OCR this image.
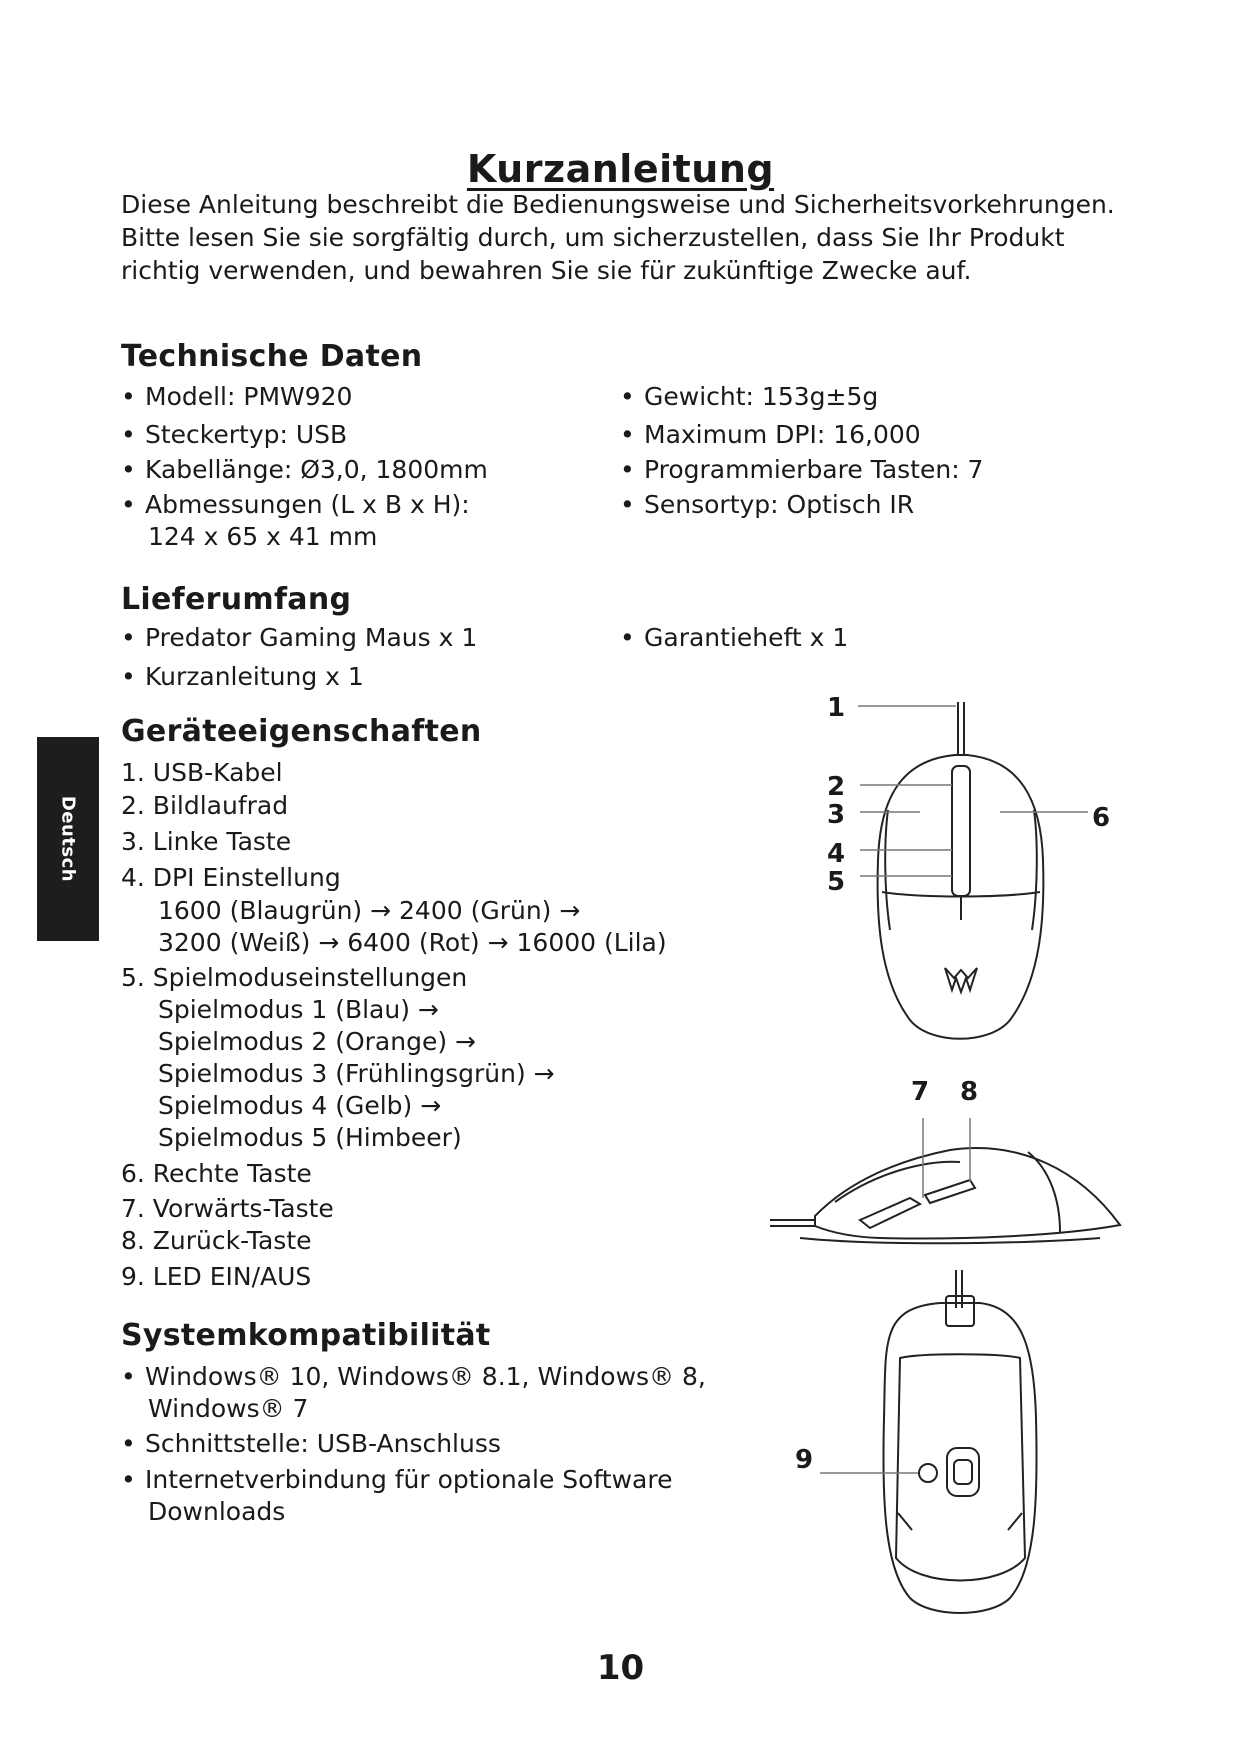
Kurzanleitung

Diese Anleitung beschreibt die Bedienungsweise und Sicherheitsvorkehrungen. Bitte lesen Sie sie sorgfältig durch, um sicherzustellen, dass Sie Ihr Produkt richtig verwenden, und bewahren Sie sie für zukünftige Zwecke auf.

Deutsch
Technische Daten
• Modell: PMW920
• Steckertyp: USB
• Kabellänge: Ø3,0, 1800mm
• Abmessungen (L x B x H):
124 x 65 x 41 mm
• Gewicht: 153g±5g
• Maximum DPI: 16,000
• Programmierbare Tasten: 7
• Sensortyp: Optisch IR
Lieferumfang
• Predator Gaming Maus x 1
• Kurzanleitung x 1
• Garantieheft x 1
Geräteeigenschaften
1. USB-Kabel
2. Bildlaufrad
3. Linke Taste
4. DPI Einstellung
1600 (Blaugrün) → 2400 (Grün) →
3200 (Weiß) → 6400 (Rot) → 16000 (Lila)
5. Spielmoduseinstellungen
Spielmodus 1 (Blau) →
Spielmodus 2 (Orange) →
Spielmodus 3 (Frühlingsgrün) →
Spielmodus 4 (Gelb) →
Spielmodus 5 (Himbeer)
6. Rechte Taste
7. Vorwärts-Taste
8. Zurück-Taste
9. LED EIN/AUS
Systemkompatibilität
• Windows® 10, Windows® 8.1, Windows® 8,
Windows® 7
• Schnittstelle: USB-Anschluss
• Internetverbindung für optionale Software
Downloads
1
2
3
4
5
6
7 8
9
10
